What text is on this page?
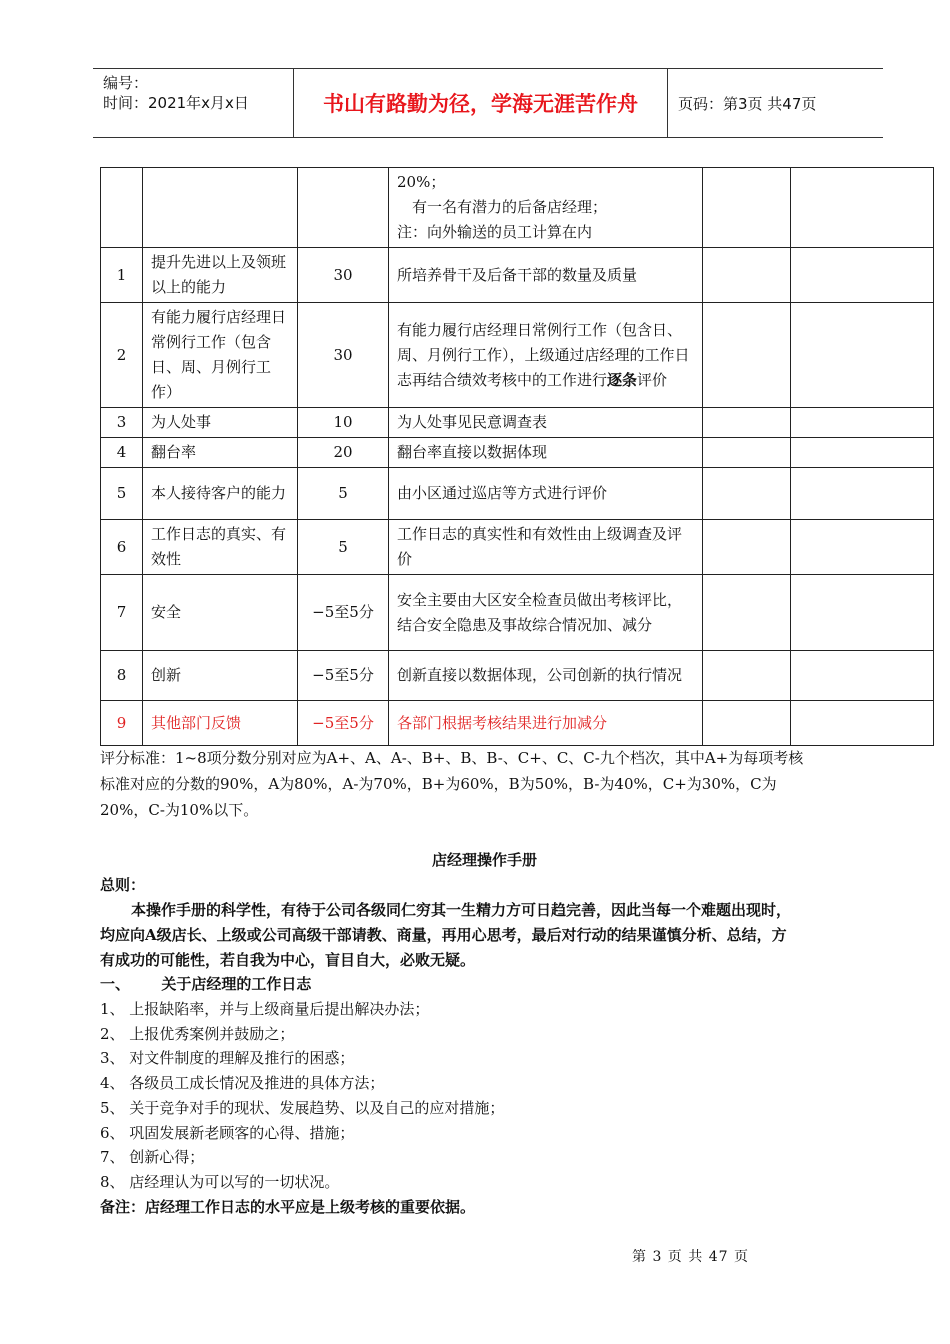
编号：
时间：2021年x月x日	书山有路勤为径，学海无涯苦作舟	页码：第3页 共47页

			20%；
有一名有潜力的后备店经理；
注：向外输送的员工计算在内		

1	提升先进以上及领班以上的能力	30	所培养骨干及后备干部的数量及质量		
2	有能力履行店经理日常例行工作（包含日、周、月例行工作）	30	有能力履行店经理日常例行工作（包含日、周、月例行工作），上级通过店经理的工作日志再结合绩效考核中的工作进行逐条评价		
3	为人处事	10	为人处事见民意调查表		
4	翻台率	20	翻台率直接以数据体现		
5	本人接待客户的能力	5	由小区通过巡店等方式进行评价		
6	工作日志的真实、有效性	5	工作日志的真实性和有效性由上级调查及评价		
7	安全	−5至5分	安全主要由大区安全检查员做出考核评比，结合安全隐患及事故综合情况加、减分		
8	创新	−5至5分	创新直接以数据体现，公司创新的执行情况		
9	其他部门反馈	−5至5分	各部门根据考核结果进行加减分		

评分标准：1~8项分数分别对应为A+、A、A-、B+、B、B-、C+、C、C-九个档次，其中A+为每项考核

标准对应的分数的90%，A为80%，A-为70%，B+为60%，B为50%，B-为40%，C+为30%，C为

20%，C-为10%以下。

店经理操作手册

总则：

本操作手册的科学性，有待于公司各级同仁穷其一生精力方可日趋完善，因此当每一个难题出现时，

均应向A级店长、上级或公司高级干部请教、商量，再用心思考，最后对行动的结果谨慎分析、总结，方

有成功的可能性，若自我为中心，盲目自大，必败无疑。

一、      关于店经理的工作日志

1、 上报缺陷率，并与上级商量后提出解决办法；

2、 上报优秀案例并鼓励之；

3、 对文件制度的理解及推行的困惑；

4、 各级员工成长情况及推进的具体方法；

5、 关于竞争对手的现状、发展趋势、以及自己的应对措施；

6、 巩固发展新老顾客的心得、措施；

7、 创新心得；

8、 店经理认为可以写的一切状况。

备注：店经理工作日志的水平应是上级考核的重要依据。

第 3 页 共 47 页
